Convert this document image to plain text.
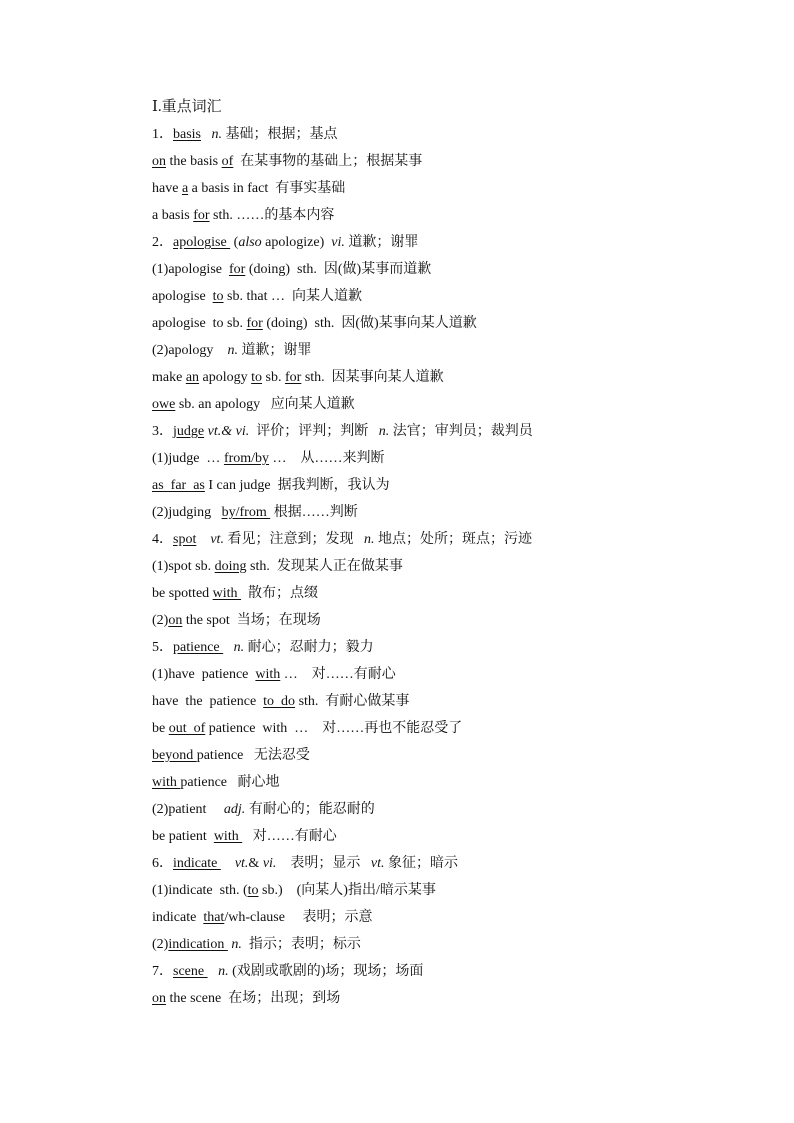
Ⅰ.重点词汇
1．basis n. 基础；根据；基点
on the basis of  在某事物的基础上；根据某事
have a a basis in fact  有事实基础
a basis for sth. ……的基本内容
2．apologise  (also apologize)  vi. 道歉；谢罪
(1)apologise  for (doing)  sth.  因(做)某事而道歉
apologise  to sb. that …  向某人道歉
apologise  to sb. for (doing)  sth.  因(做)某事向某人道歉
(2)apology    n. 道歉；谢罪
make an apology to sb. for sth.  因某事向某人道歉
owe sb. an apology   应向某人道歉
3．judge vt.& vi.  评价；评判；判断   n. 法官；审判员；裁判员
(1)judge  … from/by …    从……来判断
as  far  as I can judge  据我判断，我认为
(2)judging   by/from  根据……判断
4．spot vt. 看见；注意到；发现   n. 地点；处所；斑点；污迹
(1)spot sb. doing sth.  发现某人正在做某事
be spotted with   散布；点缀
(2)on the spot  当场；在现场
5．patience    n. 耐心；忍耐力；毅力
(1)have  patience  with …    对……有耐心
have  the  patience  to  do sth.  有耐心做某事
be out  of patience  with  …    对……再也不能忍受了
beyond patience   无法忍受
with patience   耐心地
(2)patient     adj. 有耐心的；能忍耐的
be patient  with    对……有耐心
6．indicate     vt.& vi.    表明；显示   vt. 象征；暗示
(1)indicate  sth. (to sb.)    (向某人)指出/暗示某事
indicate  that/wh-clause     表明；示意
(2)indication  n.  指示；表明；标示
7．scene    n. (戏剧或歌剧的)场；现场；场面
on the scene  在场；出现；到场
